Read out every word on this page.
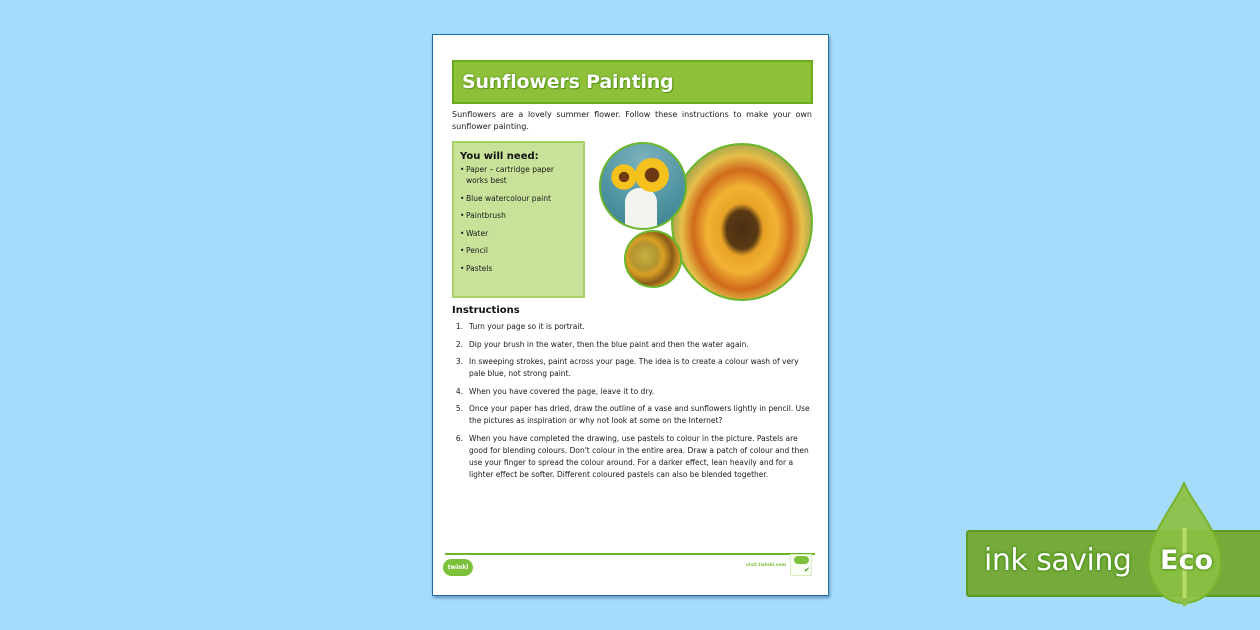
Sunflowers Painting

Sunflowers are a lovely summer flower. Follow these instructions to make your own sunflower painting.

You will need:
• Paper – cartridge paper works best
• Blue watercolour paint
• Paintbrush
• Water
• Pencil
• Pastels
Instructions
1. Turn your page so it is portrait.
2. Dip your brush in the water, then the blue paint and then the water again.
3. In sweeping strokes, paint across your page. The idea is to create a colour wash of very pale blue, not strong paint.
4. When you have covered the page, leave it to dry.
5. Once your paper has dried, draw the outline of a vase and sunflowers lightly in pencil. Use the pictures as inspiration or why not look at some on the Internet?
6. When you have completed the drawing, use pastels to colour in the picture. Pastels are good for blending colours. Don't colour in the entire area. Draw a patch of colour and then use your finger to spread the colour around. For a darker effect, lean heavily and for a lighter effect be softer. Different coloured pastels can also be blended together.
twinkl	visit twinkl.com
✔	ink saving Eco
